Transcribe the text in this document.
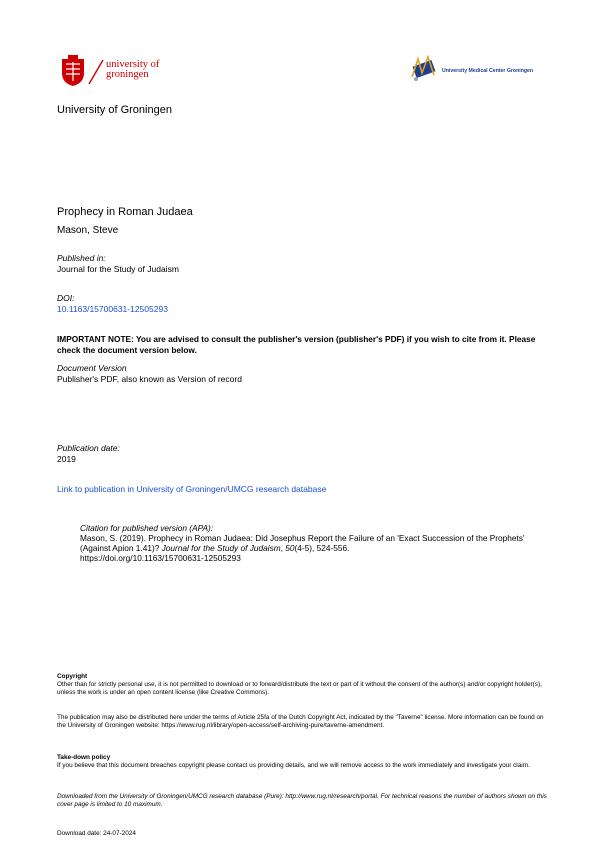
university of
groningen	University Medical Center Groningen
University of Groningen
Prophecy in Roman Judaea
Mason, Steve
Published in:
Journal for the Study of Judaism
DOI:
10.1163/15700631-12505293
IMPORTANT NOTE: You are advised to consult the publisher's version (publisher's PDF) if you wish to cite from it. Please check the document version below.
Document Version
Publisher's PDF, also known as Version of record
Publication date:
2019
Link to publication in University of Groningen/UMCG research database
Citation for published version (APA):
Mason, S. (2019). Prophecy in Roman Judaea: Did Josephus Report the Failure of an 'Exact Succession of the Prophets' (Against Apion 1.41)? Journal for the Study of Judaism, 50(4-5), 524-556.
https://doi.org/10.1163/15700631-12505293
Copyright
Other than for strictly personal use, it is not permitted to download or to forward/distribute the text or part of it without the consent of the author(s) and/or copyright holder(s), unless the work is under an open content license (like Creative Commons).
The publication may also be distributed here under the terms of Article 25fa of the Dutch Copyright Act, indicated by the "Taverne" license. More information can be found on the University of Groningen website: https://www.rug.nl/library/open-access/self-archiving-pure/taverne-amendment.
Take-down policy
If you believe that this document breaches copyright please contact us providing details, and we will remove access to the work immediately and investigate your claim.
Downloaded from the University of Groningen/UMCG research database (Pure): http://www.rug.nl/research/portal. For technical reasons the number of authors shown on this cover page is limited to 10 maximum.
Download date: 24-07-2024
